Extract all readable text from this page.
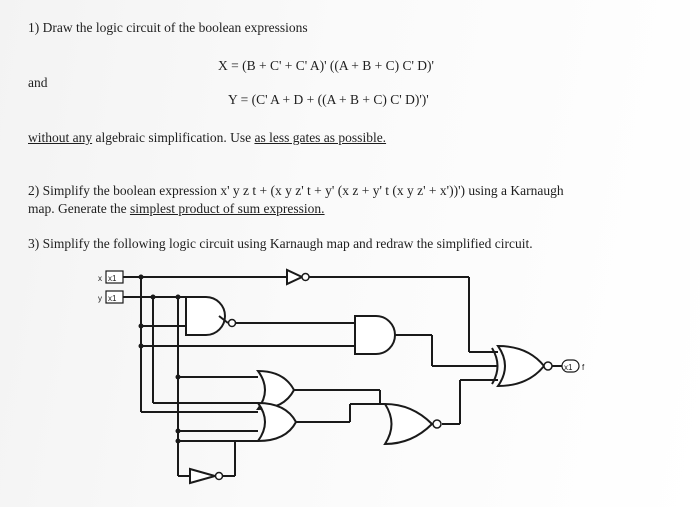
1) Draw the logic circuit of the boolean expressions
X = (B + C' + C' A)' ((A + B + C) C' D)'
and
Y = (C' A + D + ((A + B + C) C' D)')'
without any algebraic simplification. Use as less gates as possible.
2) Simplify the boolean expression x' y z t + (x y z' t + y' (x z + y' t (x y z' + x'))') using a Karnaugh
map. Generate the simplest product of sum expression.
3) Simplify the following logic circuit using Karnaugh map and redraw the simplified circuit.
x x1
y x1
x1 f
